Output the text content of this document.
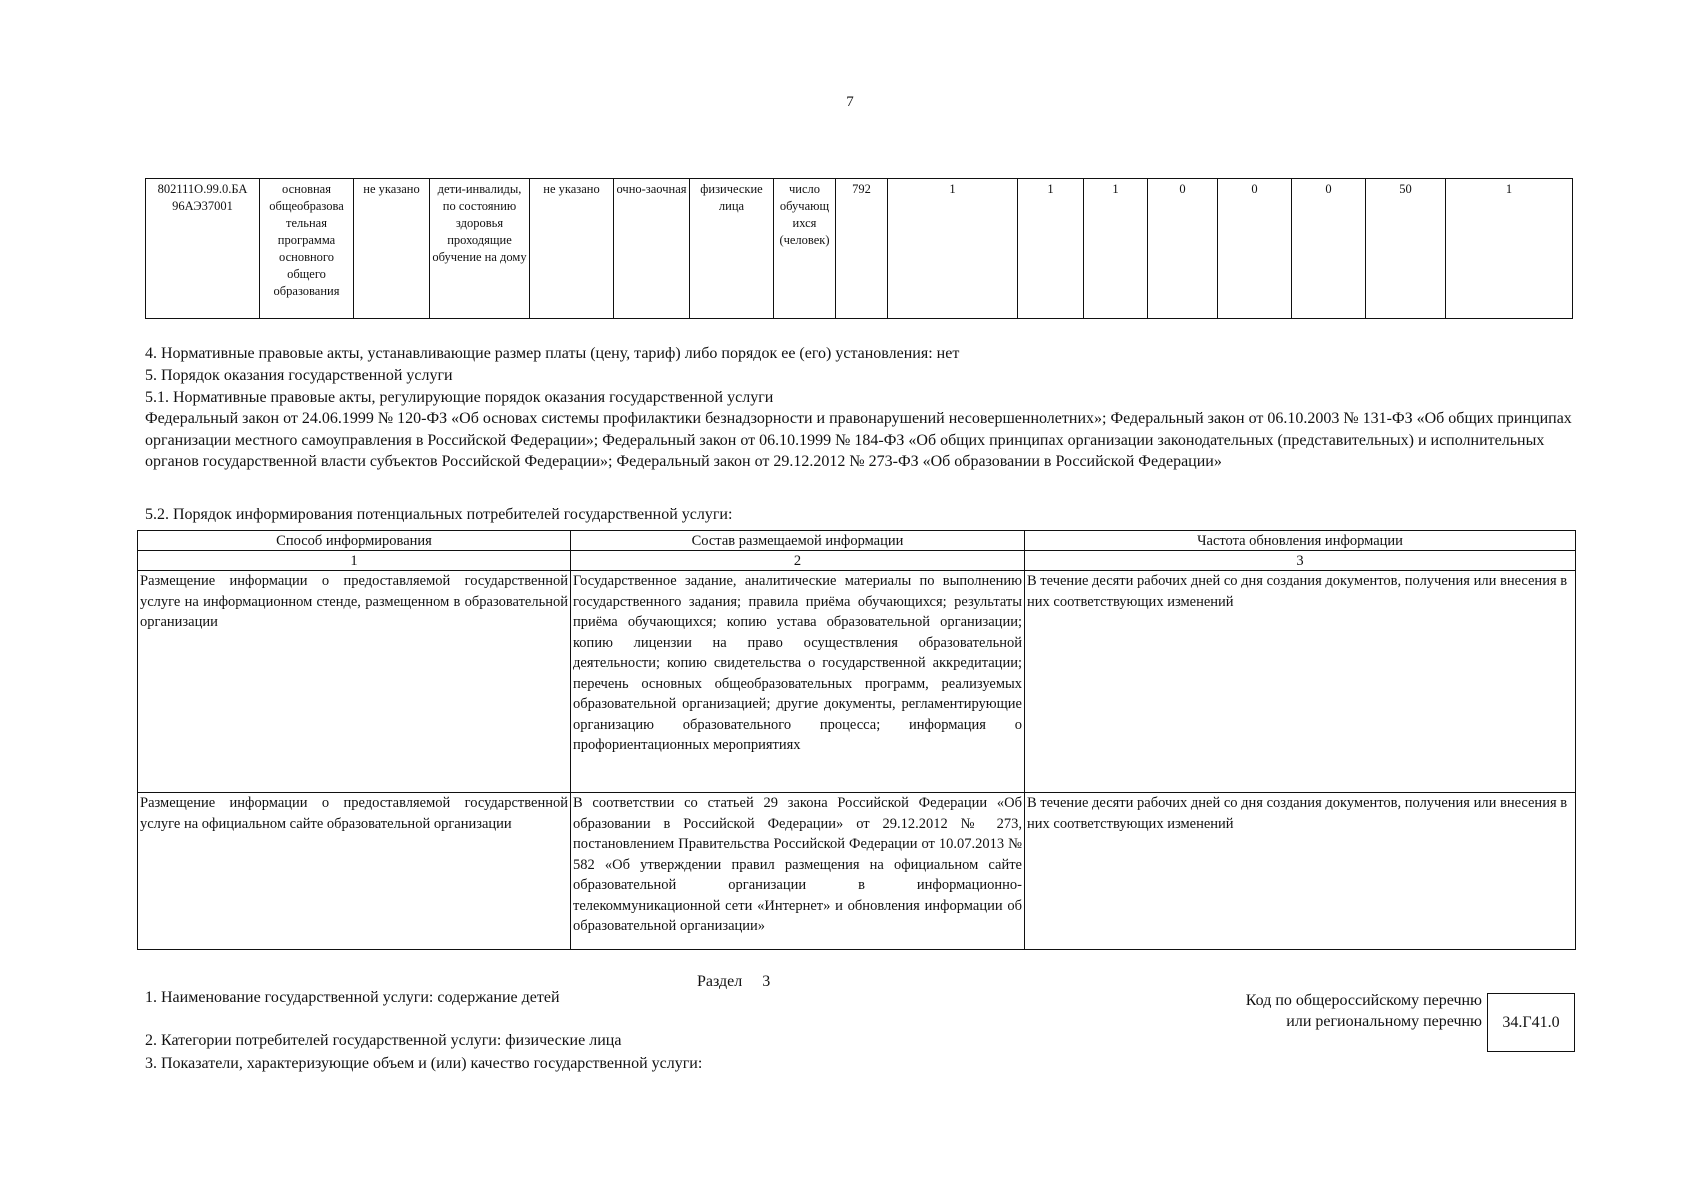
7
802111О.99.0.БА 96АЭ37001	основная общеобразова тельная программа основного общего образования	не указано	дети-инвалиды, по состоянию здоровья проходящие обучение на дому	не указано	очно-заочная	физические лица	число обучающ ихся (человек)	792	1	1	1	0	0	0	50	1
4. Нормативные правовые акты, устанавливающие размер платы (цену, тариф) либо порядок ее (его) установления: нет
5. Порядок оказания государственной услуги
5.1. Нормативные правовые акты, регулирующие порядок оказания государственной услуги
Федеральный закон от 24.06.1999 № 120-ФЗ «Об основах системы профилактики безнадзорности и правонарушений несовершеннолетних»; Федеральный закон от 06.10.2003 № 131-ФЗ «Об общих принципах организации местного самоуправления в Российской Федерации»; Федеральный закон от 06.10.1999 № 184-ФЗ «Об общих принципах организации законодательных (представительных) и исполнительных органов государственной власти субъектов Российской Федерации»; Федеральный закон от 29.12.2012 № 273-ФЗ «Об образовании в Российской Федерации»
5.2. Порядок информирования потенциальных потребителей государственной услуги:
Способ информирования	Состав размещаемой информации	Частота обновления информации
1	2	3
Размещение информации о предоставляемой государственной услуге на информационном стенде, размещенном в образовательной организации	Государственное задание, аналитические материалы по выполнению государственного задания; правила приёма обучающихся; результаты приёма обучающихся; копию устава образовательной организации; копию лицензии на право осуществления образовательной деятельности; копию свидетельства о государственной аккредитации; перечень основных общеобразовательных программ, реализуемых образовательной организацией; другие документы, регламентирующие организацию образовательного процесса; информация о профориентационных мероприятиях	В течение десяти рабочих дней со дня создания документов, получения или внесения в них соответствующих изменений
Размещение информации о предоставляемой государственной услуге на официальном сайте образовательной организации	В соответствии со статьей 29 закона Российской Федерации «Об образовании в Российской Федерации» от 29.12.2012 № 273, постановлением Правительства Российской Федерации от 10.07.2013 № 582 «Об утверждении правил размещения на официальном сайте образовательной организации в информационно-телекоммуникационной сети «Интернет» и обновления информации об образовательной организации»	В течение десяти рабочих дней со дня создания документов, получения или внесения в них соответствующих изменений
Раздел 3
1. Наименование государственной услуги: содержание детей
2. Категории потребителей государственной услуги: физические лица
3. Показатели, характеризующие объем и (или) качество государственной услуги:
Код по общероссийскому перечню или региональному перечню	34.Г41.0
